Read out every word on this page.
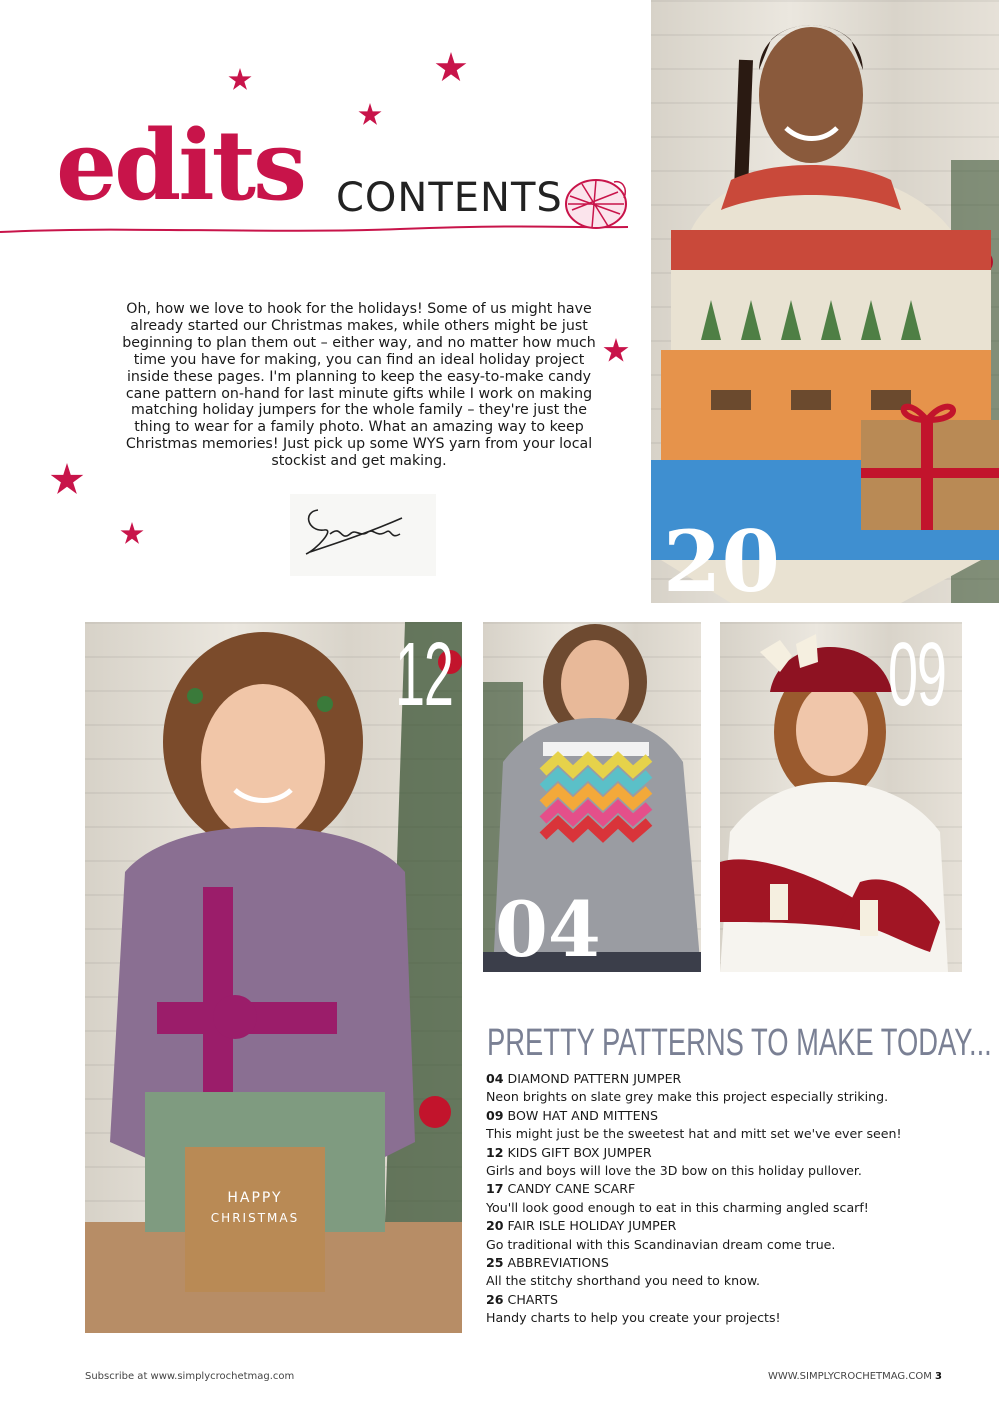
edits CONTENTS
Oh, how we love to hook for the holidays! Some of us might have already started our Christmas makes, while others might be just beginning to plan them out – either way, and no matter how much time you have for making, you can find an ideal holiday project inside these pages. I'm planning to keep the easy-to-make candy cane pattern on-hand for last minute gifts while I work on making matching holiday jumpers for the whole family – they're just the thing to wear for a family photo. What an amazing way to keep Christmas memories! Just pick up some WYS yarn from your local stockist and get making.
20
HAPPY
CHRISTMAS
12
04
09
PRETTY PATTERNS TO MAKE TODAY...
04 DIAMOND PATTERN JUMPER
Neon brights on slate grey make this project especially striking.
09 BOW HAT AND MITTENS
This might just be the sweetest hat and mitt set we've ever seen!
12 KIDS GIFT BOX JUMPER
Girls and boys will love the 3D bow on this holiday pullover.
17 CANDY CANE SCARF
You'll look good enough to eat in this charming angled scarf!
20 FAIR ISLE HOLIDAY JUMPER
Go traditional with this Scandinavian dream come true.
25 ABBREVIATIONS
All the stitchy shorthand you need to know.
26 CHARTS
Handy charts to help you create your projects!
Subscribe at www.simplycrochetmag.com	WWW.SIMPLYCROCHETMAG.COM 3
